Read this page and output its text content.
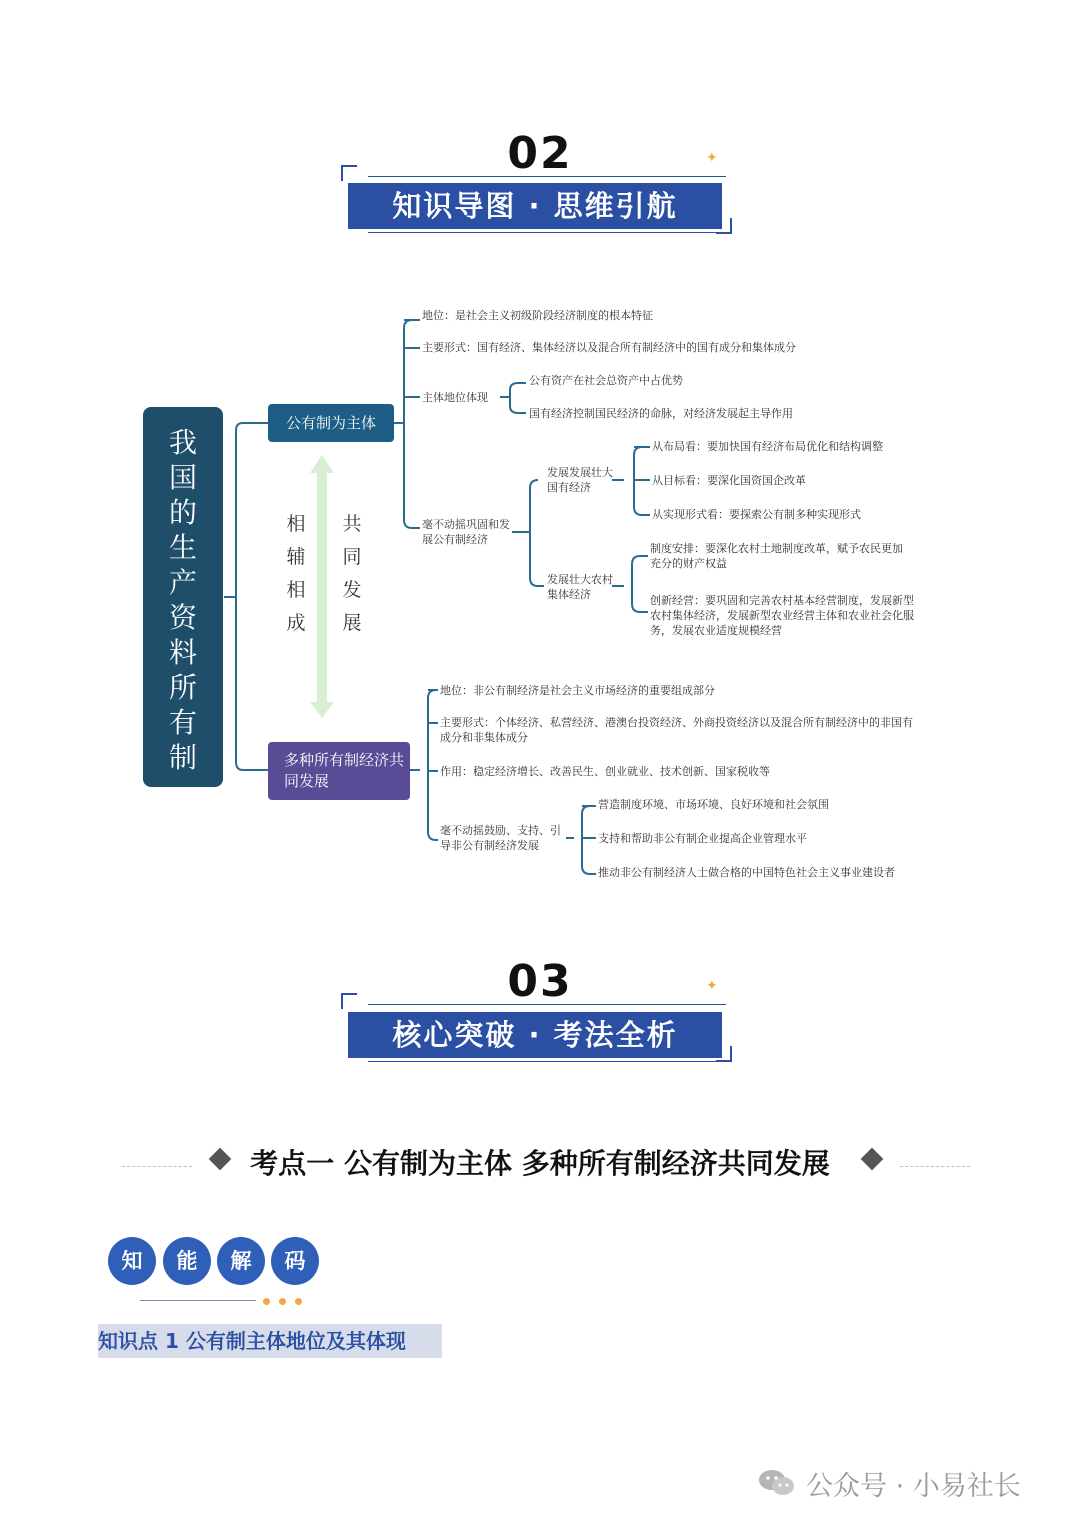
02
知识导图 · 思维引航
✦
我国的生产资料所有制
公有制为主体
多种所有制经济共同发展
相辅相成
共同发展
地位：是社会主义初级阶段经济制度的根本特征
主要形式：国有经济、集体经济以及混合所有制经济中的国有成分和集体成分
主体地位体现
公有资产在社会总资产中占优势
国有经济控制国民经济的命脉，对经济发展起主导作用
毫不动摇巩固和发展公有制经济
发展发展壮大国有经济
从布局看：要加快国有经济布局优化和结构调整
从目标看：要深化国资国企改革
从实现形式看：要探索公有制多种实现形式
发展壮大农村集体经济
制度安排：要深化农村土地制度改革，赋予农民更加充分的财产权益
创新经营：要巩固和完善农村基本经营制度，发展新型农村集体经济，发展新型农业经营主体和农业社会化服务，发展农业适度规模经营
地位：非公有制经济是社会主义市场经济的重要组成部分
主要形式：个体经济、私营经济、港澳台投资经济、外商投资经济以及混合所有制经济中的非国有成分和非集体成分
作用：稳定经济增长、改善民生、创业就业、技术创新、国家税收等
毫不动摇鼓励、支持、引导非公有制经济发展
营造制度环境、市场环境、良好环境和社会氛围
支持和帮助非公有制企业提高企业管理水平
推动非公有制经济人士做合格的中国特色社会主义事业建设者
03
核心突破 · 考法全析
✦
考点一 公有制为主体 多种所有制经济共同发展
知	能	解	码
知识点 1 公有制主体地位及其体现
公众号 · 小易社长
